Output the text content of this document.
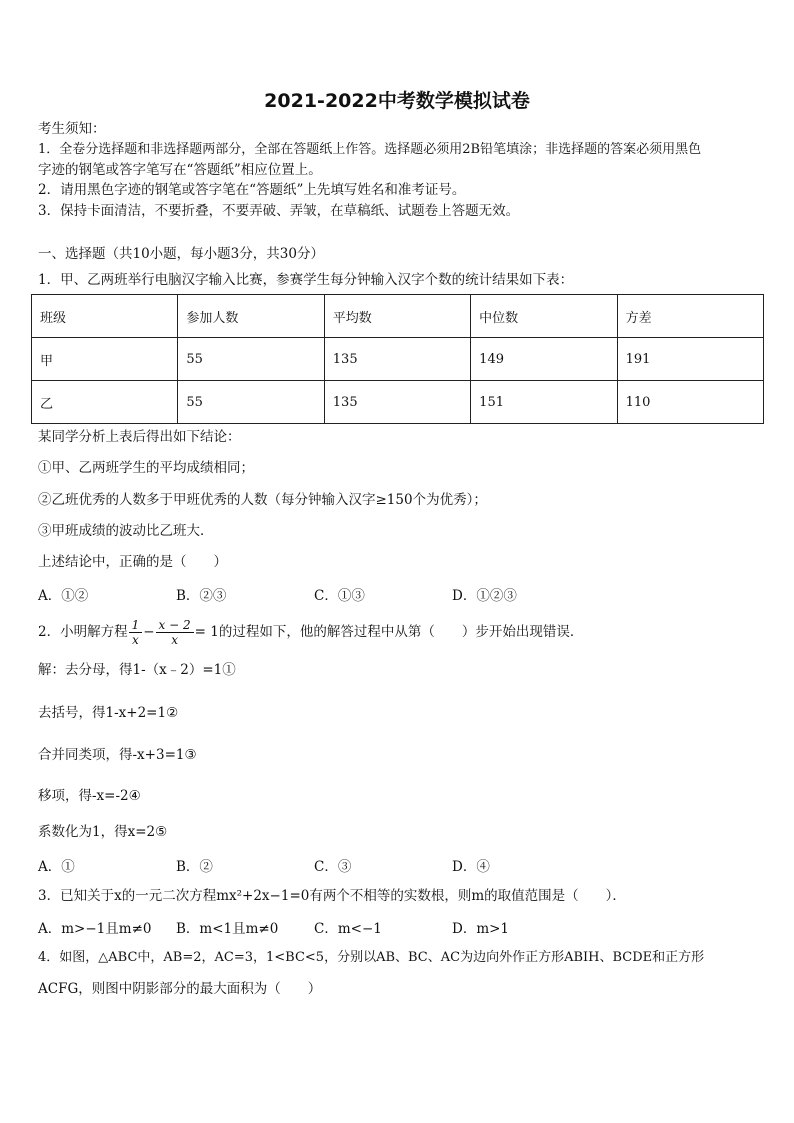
2021-2022中考数学模拟试卷
考生须知：
1．全卷分选择题和非选择题两部分，全部在答题纸上作答。选择题必须用2B铅笔填涂；非选择题的答案必须用黑色
字迹的钢笔或答字笔写在“答题纸”相应位置上。
2．请用黑色字迹的钢笔或答字笔在“答题纸”上先填写姓名和准考证号。
3．保持卡面清洁，不要折叠，不要弄破、弄皱，在草稿纸、试题卷上答题无效。
一、选择题（共10小题，每小题3分，共30分）
1．甲、乙两班举行电脑汉字输入比赛，参赛学生每分钟输入汉字个数的统计结果如下表：
班级	参加人数	平均数	中位数	方差
甲	55	135	149	191
乙	55	135	151	110
某同学分析上表后得出如下结论：
①甲、乙两班学生的平均成绩相同；
②乙班优秀的人数多于甲班优秀的人数（每分钟输入汉字≥150个为优秀）；
③甲班成绩的波动比乙班大．
上述结论中，正确的是（　　）
A．①②	B．②③	C．①③	D．①②③
2．小明解方程 $\frac{1}{x} - \frac{x - 2}{x} = 1$的过程如下，他的解答过程中从第（　　）步开始出现错误．
解：去分母，得1-（x﹣2）=1①
去括号，得1-x+2=1②
合并同类项，得-x+3=1③
移项，得-x=-2④
系数化为1，得x=2⑤
A．①	B．②	C．③	D．④
3．已知关于x的一元二次方程mx²+2x−1=0有两个不相等的实数根，则m的取值范围是（　　）．
A．m>−1且m≠0 B．m<1且m≠0	C．m<−1	D．m>1
4．如图，△ABC中，AB=2，AC=3，1<BC<5，分别以AB、BC、AC为边向外作正方形ABIH、BCDE和正方形
ACFG，则图中阴影部分的最大面积为（　　）
